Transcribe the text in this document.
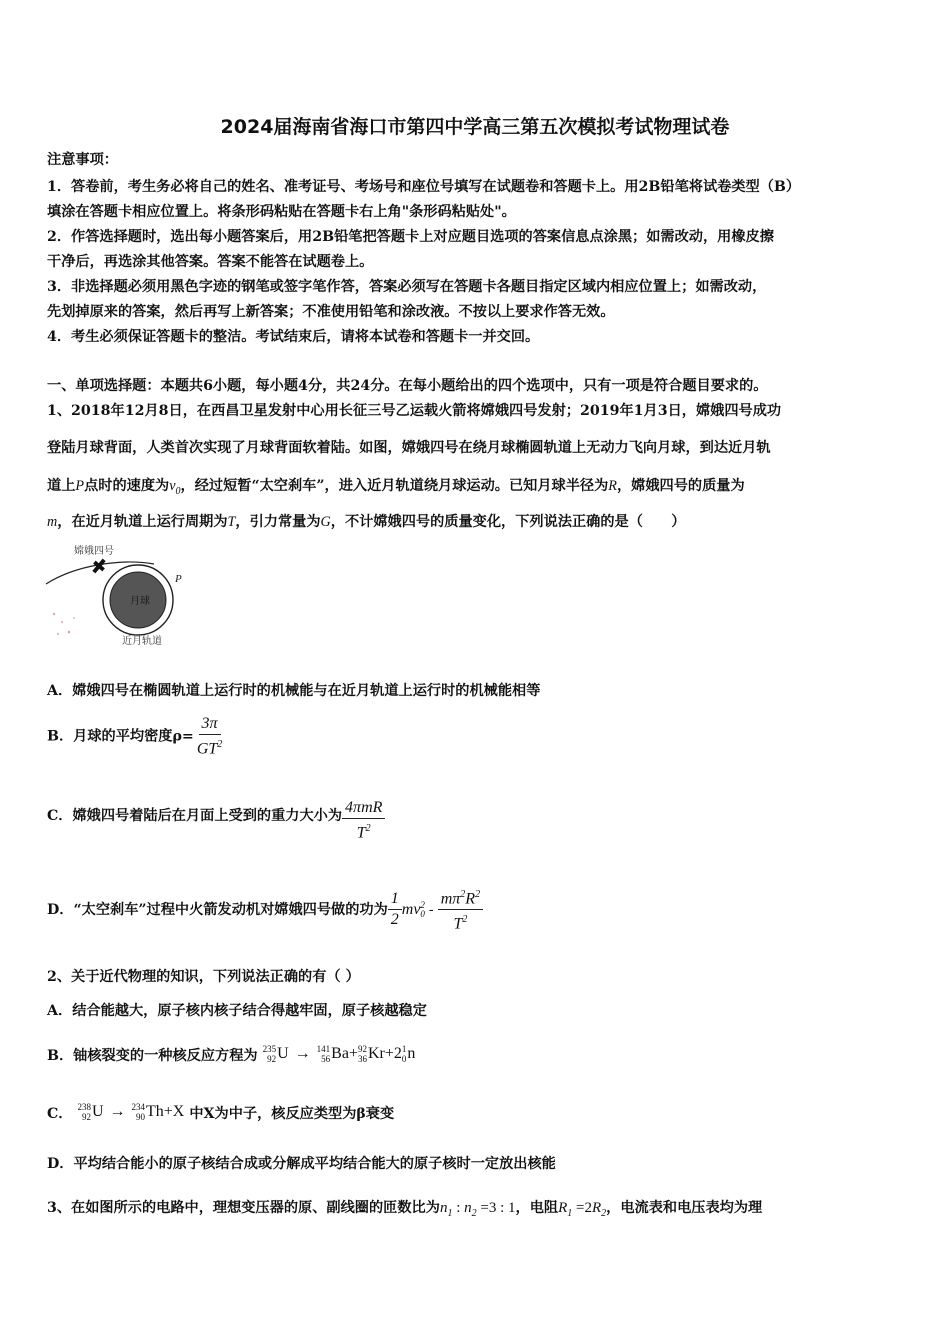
2024届海南省海口市第四中学高三第五次模拟考试物理试卷
注意事项：
1．答卷前，考生务必将自己的姓名、准考证号、考场号和座位号填写在试题卷和答题卡上。用2B铅笔将试卷类型（B）
填涂在答题卡相应位置上。将条形码粘贴在答题卡右上角"条形码粘贴处"。
2．作答选择题时，选出每小题答案后，用2B铅笔把答题卡上对应题目选项的答案信息点涂黑；如需改动，用橡皮擦
干净后，再选涂其他答案。答案不能答在试题卷上。
3．非选择题必须用黑色字迹的钢笔或签字笔作答，答案必须写在答题卡各题目指定区域内相应位置上；如需改动，
先划掉原来的答案，然后再写上新答案；不准使用铅笔和涂改液。不按以上要求作答无效。
4．考生必须保证答题卡的整洁。考试结束后，请将本试卷和答题卡一并交回。
一、单项选择题：本题共6小题，每小题4分，共24分。在每小题给出的四个选项中，只有一项是符合题目要求的。
1、2018年12月8日，在西昌卫星发射中心用长征三号乙运载火箭将嫦娥四号发射；2019年1月3日，嫦娥四号成功
登陆月球背面，人类首次实现了月球背面软着陆。如图，嫦娥四号在绕月球椭圆轨道上无动力飞向月球，到达近月轨
道上P点时的速度为$v_0$，经过短暂“太空刹车”，进入近月轨道绕月球运动。已知月球半径为R，嫦娥四号的质量为
m，在近月轨道上运行周期为T，引力常量为G，不计嫦娥四号的质量变化，下列说法正确的是（　　）
嫦娥四号
月球
P
近月轨道
A．嫦娥四号在椭圆轨道上运行时的机械能与在近月轨道上运行时的机械能相等
B．月球的平均密度$\rho= \frac{3\pi}{GT^2}$
C．嫦娥四号着陆后在月面上受到的重力大小为 $\frac{\text{4πmR}}{T^2}$
D．“太空刹车”过程中火箭发动机对嫦娥四号做的功为 $\frac{1}{2}$ mv 2
$0 - \frac{m\pi^2R^2}{T^2}$
2、关于近代物理的知识，下列说法正确的有（ ）
A．结合能越大，原子核内核子结合得越牢固，原子核越稳定
B．铀核裂变的一种核反应方程为 235
92 U → 141
56 Ba+ 92
36 Kr+2 1
0 n
C． 238
92 U → 234
90 Th+X 中X为中子，核反应类型为β衰变
D．平均结合能小的原子核结合成或分解成平均结合能大的原子核时一定放出核能
3、在如图所示的电路中，理想变压器的原、副线圈的匝数比为$n_1$ : $n_2 =3$ : 1，电阻$R_1 =2R_2$，电流表和电压表均为理
